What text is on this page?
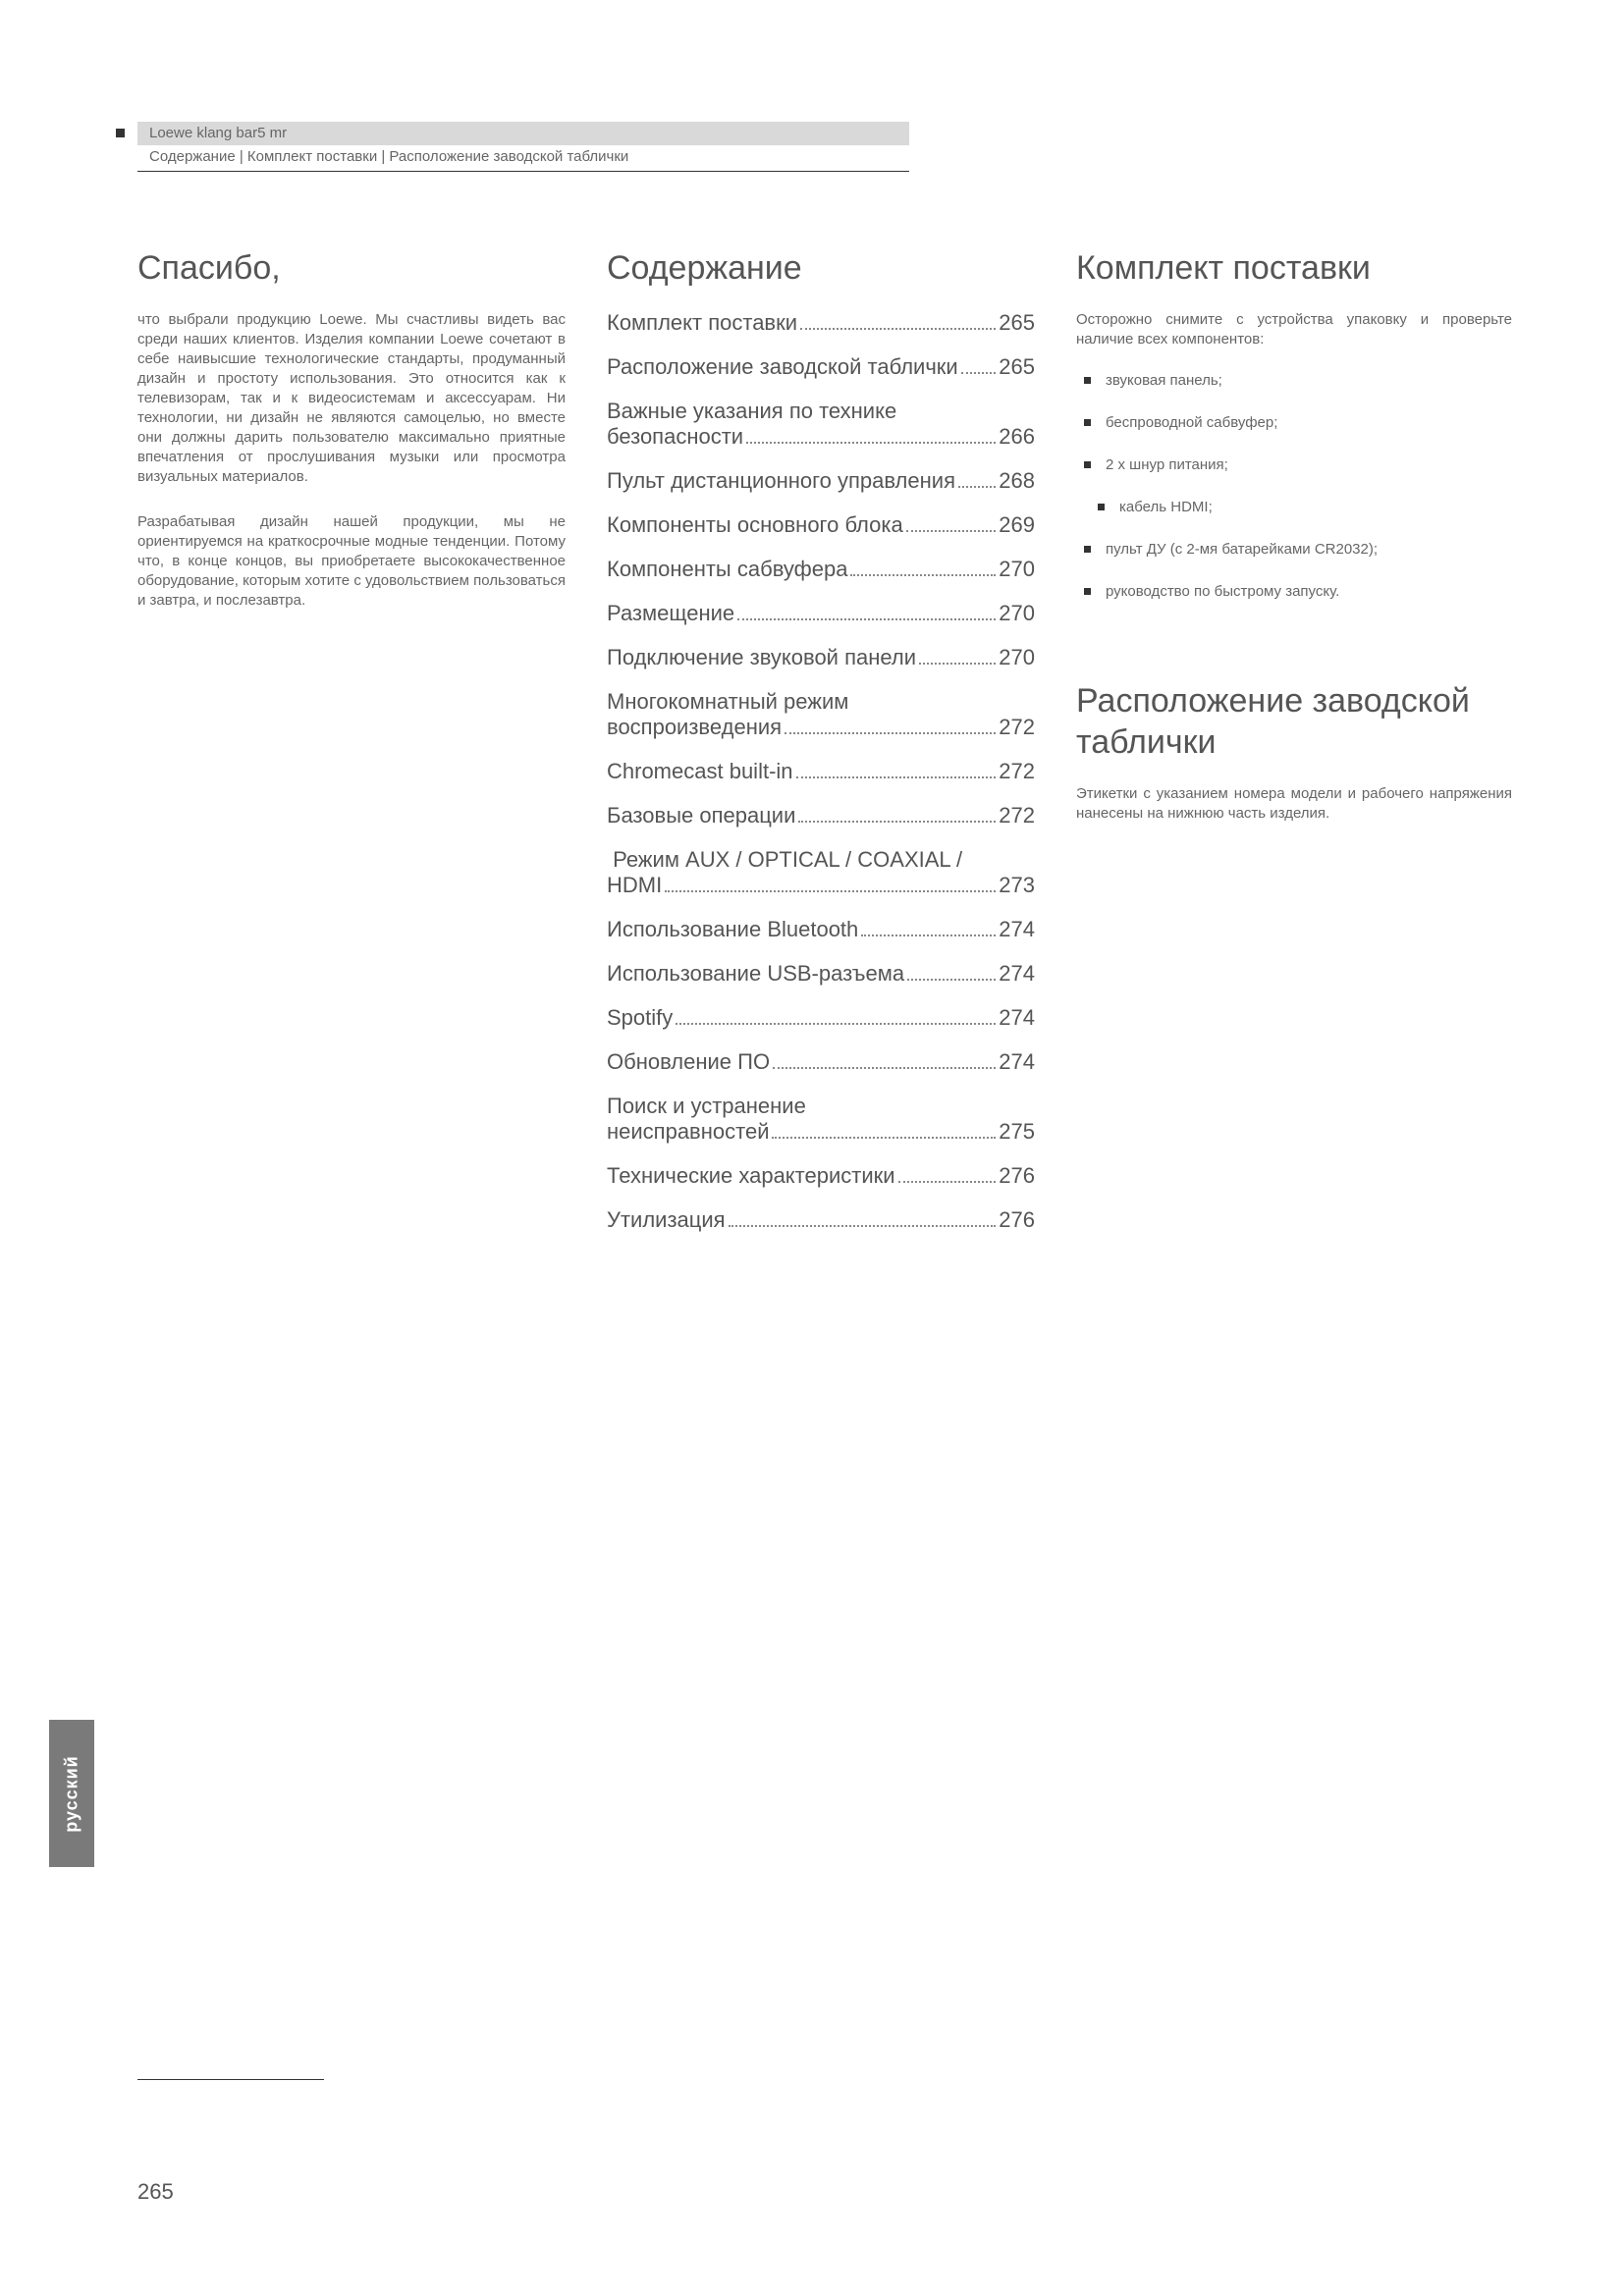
Loewe klang bar5 mr
Содержание | Комплект поставки | Расположение заводской таблички
Спасибо,

что выбрали продукцию Loewe. Мы счастливы видеть вас среди наших клиентов. Изделия компании Loewe сочетают в себе наивысшие технологические стандарты, продуманный дизайн и простоту использования. Это относится как к телевизорам, так и к видеосистемам и аксессуарам. Ни технологии, ни дизайн не являются самоцелью, но вместе они должны дарить пользователю максимально приятные впечатления от прослушивания музыки или просмотра визуальных материалов.

Разрабатывая дизайн нашей продукции, мы не ориентируемся на краткосрочные модные тенденции. Потому что, в конце концов, вы приобретаете высококачественное оборудование, которым хотите с удовольствием пользоваться и завтра, и послезавтра.

Содержание
Комплект поставки	265
Расположение заводской таблички 265
Важные указания по технике
безопасности	266
Пульт дистанционного управления 268
Компоненты основного блока	269
Компоненты сабвуфера	270
Размещение	270
Подключение звуковой панели	270
Многокомнатный режим
воспроизведения	272
Chromecast built-in	272
Базовые операции	272
Режим AUX / OPTICAL / COAXIAL /
HDMI	273
Использование Bluetooth	274
Использование USB-разъема	274
Spotify	274
Обновление ПО	274
Поиск и устранение
неисправностей	275
Технические характеристики	276
Утилизация	276
Комплект поставки

Осторожно снимите с устройства упаковку и проверьте наличие всех компонентов:

звуковая панель;
беспроводной сабвуфер;
2 x шнур питания;
кабель HDMI;
пульт ДУ (с 2-мя батарейками CR2032);
руководство по быстрому запуску.
Расположение заводской таблички

Этикетки с указанием номера модели и рабочего напряжения нанесены на нижнюю часть изделия.

русский
265
